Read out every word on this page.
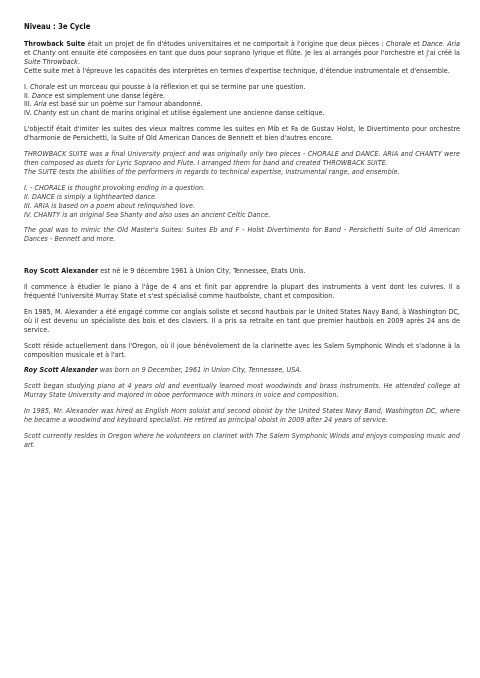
Niveau : 3e Cycle

Throwback Suite était un projet de fin d'études universitaires et ne comportait à l'origine que deux pièces : Chorale et Dance. Aria et Chanty ont ensuite été composées en tant que duos pour soprano lyrique et flûte. Je les ai arrangés pour l'orchestre et j'ai créé la Suite Throwback.

Cette suite met à l'épreuve les capacités des interprètes en termes d'expertise technique, d'étendue instrumentale et d'ensemble.

I. Chorale est un morceau qui pousse à la réflexion et qui se termine par une question.

II. Dance est simplement une danse légère.

III. Aria est basé sur un poème sur l'amour abandonné.

IV. Chanty est un chant de marins original et utilise également une ancienne danse celtique.

L'objectif était d'imiter les suites des vieux maîtres comme les suites en Mib et Fa de Gustav Holst, le Divertimento pour orchestre d'harmonie de Persichetti, la Suite of Old American Dances de Bennett et bien d'autres encore.

THROWBACK SUITE was a final University project and was originally only two pieces - CHORALE and DANCE. ARIA and CHANTY were then composed as duets for Lyric Soprano and Flute. I arranged them for band and created THROWBACK SUITE.

The SUITE tests the abilities of the performers in regards to technical expertise, instrumental range, and ensemble.

I. - CHORALE is thought provoking ending in a question.

II. DANCE is simply a lighthearted dance.

III. ARIA is based on a poem about relinquished love.

IV. CHANTY is an original Sea Shanty and also uses an ancient Celtic Dance.

The goal was to mimic the Old Master's Suites: Suites Eb and F - Holst Divertimento for Band - Persichetti Suite of Old American Dances - Bennett and more.

Roy Scott Alexander est né le 9 décembre 1961 à Union City, Tennessee, Etats Unis.

Il commence à étudier le piano à l'âge de 4 ans et finit par apprendre la plupart des instruments à vent dont les cuivres. Il a fréquenté l'université Murray State et s'est spécialisé comme hautboïste, chant et composition.

En 1985, M. Alexander a été engagé comme cor anglais soliste et second hautbois par le United States Navy Band, à Washington DC, où il est devenu un spécialiste des bois et des claviers. Il a pris sa retraite en tant que premier hautbois en 2009 après 24 ans de service.

Scott réside actuellement dans l'Oregon, où il joue bénévolement de la clarinette avec les Salem Symphonic Winds et s'adonne à la composition musicale et à l'art.

Roy Scott Alexander was born on 9 December, 1961 in Union City, Tennessee, USA.

Scott began studying piano at 4 years old and eventually learned most woodwinds and brass instruments. He attended college at Murray State University and majored in oboe performance with minors in voice and composition.

In 1985, Mr. Alexander was hired as English Horn soloist and second oboist by the United States Navy Band, Washington DC, where he became a woodwind and keyboard specialist. He retired as principal oboist in 2009 after 24 years of service.

Scott currently resides in Oregon where he volunteers on clarinet with The Salem Symphonic Winds and enjoys composing music and art.
